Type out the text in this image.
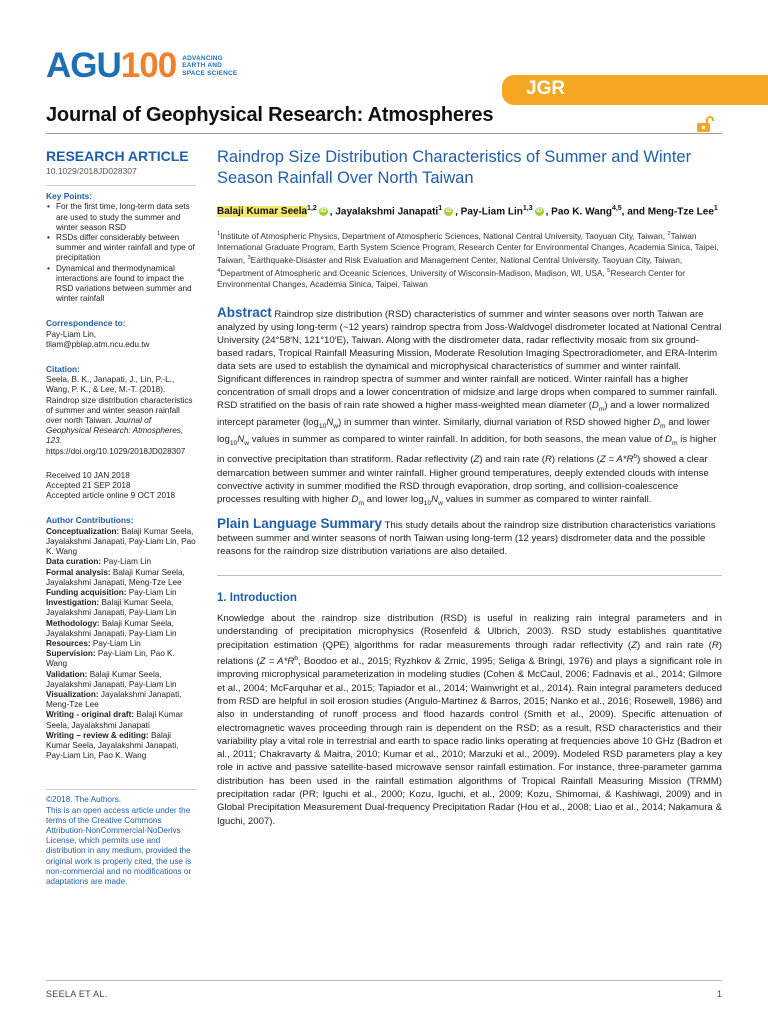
AGU 100 ADVANCING
EARTH AND
SPACE SCIENCE
JGR
Journal of Geophysical Research: Atmospheres
RESEARCH ARTICLE
10.1029/2018JD028307
Key Points:
• For the first time, long-term data sets are used to study the summer and winter season RSD
• RSDs differ considerably between summer and winter rainfall and type of precipitation
• Dynamical and thermodynamical interactions are found to impact the RSD variations between summer and winter rainfall
Correspondence to:
Pay-Liam Lin,
tliam@pblap.atm.ncu.edu.tw
Citation:
Seela, B. K., Janapati, J., Lin, P.-L., Wang, P. K., & Lee, M.-T. (2018). Raindrop size distribution characteristics of summer and winter season rainfall over north Taiwan. Journal of Geophysical Research: Atmospheres, 123. https://doi.org/10.1029/2018JD028307
Received 10 JAN 2018
Accepted 21 SEP 2018
Accepted article online 9 OCT 2018
Author Contributions:

Conceptualization: Balaji Kumar Seela, Jayalakshmi Janapati, Pay-Liam Lin, Pao K. Wang

Data curation: Pay-Liam Lin

Formal analysis: Balaji Kumar Seela, Jayalakshmi Janapati, Meng-Tze Lee

Funding acquisition: Pay-Liam Lin

Investigation: Balaji Kumar Seela, Jayalakshmi Janapati, Pay-Liam Lin

Methodology: Balaji Kumar Seela, Jayalakshmi Janapati, Pay-Liam Lin

Resources: Pay-Liam Lin

Supervision: Pay-Liam Lin, Pao K. Wang

Validation: Balaji Kumar Seela, Jayalakshmi Janapati, Pay-Liam Lin

Visualization: Jayalakshmi Janapati, Meng-Tze Lee

Writing - original draft: Balaji Kumar Seela, Jayalakshmi Janapati

Writing – review & editing: Balaji Kumar Seela, Jayalakshmi Janapati, Pay-Liam Lin, Pao K. Wang

©2018. The Authors.
This is an open access article under the terms of the Creative Commons Attribution-NonCommercial-NoDerivs License, which permits use and distribution in any medium, provided the original work is properly cited, the use is non-commercial and no modifications or adaptations are made.
Raindrop Size Distribution Characteristics of Summer and Winter Season Rainfall Over North Taiwan
Balaji Kumar Seela$^{1,2}$ iD , Jayalakshmi Janapati$^1$ iD , Pay-Liam Lin$^{1,3}$ iD , Pao K. Wang$^{4,5}$, and Meng-Tze Lee$^1$
$^1$Institute of Atmospheric Physics, Department of Atmospheric Sciences, National Central University, Taoyuan City, Taiwan, $^2$Taiwan International Graduate Program, Earth System Science Program, Research Center for Environmental Changes, Academia Sinica, Taipei, Taiwan, $^3$Earthquake-Disaster and Risk Evaluation and Management Center, National Central University, Taoyuan City, Taiwan, $^4$Department of Atmospheric and Oceanic Sciences, University of Wisconsin-Madison, Madison, WI, USA, $^5$Research Center for Environmental Changes, Academia Sinica, Taipei, Taiwan
Abstract Raindrop size distribution (RSD) characteristics of summer and winter seasons over north Taiwan are analyzed by using long-term (~12 years) raindrop spectra from Joss-Waldvogel disdrometer located at National Central University (24°58′N, 121°10′E), Taiwan. Along with the disdrometer data, radar reflectivity mosaic from six ground-based radars, Tropical Rainfall Measuring Mission, Moderate Resolution Imaging Spectroradiometer, and ERA-Interim data sets are used to establish the dynamical and microphysical characteristics of summer and winter rainfall. Significant differences in raindrop spectra of summer and winter rainfall are noticed. Winter rainfall has a higher concentration of small drops and a lower concentration of midsize and large drops when compared to summer rainfall. RSD stratified on the basis of rain rate showed a higher mass-weighted mean diameter $(D_m)$ and a lower normalized intercept parameter $(\log_{10}N_w)$ in summer than winter. Similarly, diurnal variation of RSD showed higher $D_m$ and lower $\log_{10}N_w$ values in summer as compared to winter rainfall. In addition, for both seasons, the mean value of $D_m$ is higher in convective precipitation than stratiform. Radar reflectivity (Z) and rain rate (R) relations $(Z = A*R^b)$ showed a clear demarcation between summer and winter rainfall. Higher ground temperatures, deeply extended clouds with intense convective activity in summer modified the RSD through evaporation, drop sorting, and collision-coalescence processes resulting with higher $D_m$ and lower $\log_{10}N_w$ values in summer as compared to winter rainfall.
Plain Language Summary This study details about the raindrop size distribution characteristics variations between summer and winter seasons of north Taiwan using long-term (12 years) disdrometer data and the possible reasons for the raindrop size distribution variations are also detailed.
1. Introduction
Knowledge about the raindrop size distribution (RSD) is useful in realizing rain integral parameters and in understanding of precipitation microphysics (Rosenfeld & Ulbrich, 2003). RSD study establishes quantitative precipitation estimation (QPE) algorithms for radar measurements through radar reflectivity (Z) and rain rate (R) relations ($Z = A*R^b$, Boodoo et al., 2015; Ryzhkov & Zrnic, 1995; Seliga & Bringi, 1976) and plays a significant role in improving microphysical parameterization in modeling studies (Cohen & McCaul, 2006; Fadnavis et al., 2014; Gilmore et al., 2004; McFarquhar et al., 2015; Tapiador et al., 2014; Wainwright et al., 2014). Rain integral parameters deduced from RSD are helpful in soil erosion studies (Angulo-Martinez & Barros, 2015; Nanko et al., 2016; Rosewell, 1986) and also in understanding of runoff process and flood hazards control (Smith et al., 2009). Specific attenuation of electromagnetic waves proceeding through rain is dependent on the RSD; as a result, RSD characteristics and their variability play a vital role in terrestrial and earth to space radio links operating at frequencies above 10 GHz (Badron et al., 2011; Chakravarty & Maitra, 2010; Kumar et al., 2010; Marzuki et al., 2009). Modeled RSD parameters play a key role in active and passive satellite-based microwave sensor rainfall estimation. For instance, three-parameter gamma distribution has been used in the rainfall estimation algorithms of Tropical Rainfall Measuring Mission (TRMM) precipitation radar (PR; Iguchi et al., 2000; Kozu, Iguchi, et al., 2009; Kozu, Shimomai, & Kashiwagi, 2009) and in Global Precipitation Measurement Dual-frequency Precipitation Radar (Hou et al., 2008; Liao et al., 2014; Nakamura & Iguchi, 2007).
SEELA ET AL.	1
